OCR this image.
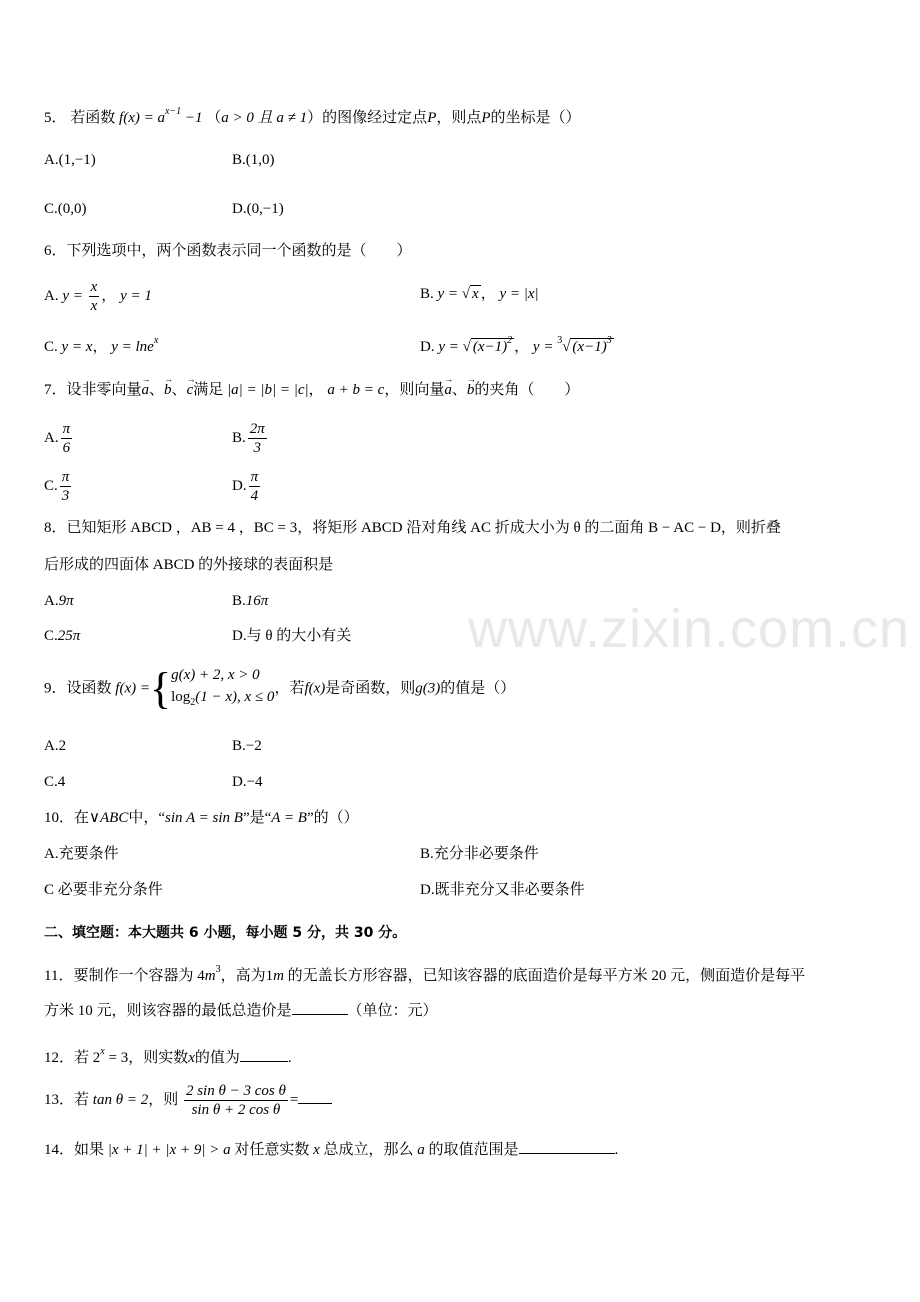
www.zixin.com.cn
5． 若函数 $f(x) = a^{x-1} -1$ （a > 0 且 a ≠ 1）的图像经过定点P，则点P的坐标是（）
A.(1,−1)	B.(1,0)
C.(0,0)	D.(0,−1)
6．下列选项中，两个函数表示同一个函数的是（　　）
A. $y = \frac{x}{x}$ ， y = 1	B. y = √ x ， y = |x|
C. y = x， y = lne$^x$	D. y = √ $(x-1)^2$ ， y = $^3$√ $(x-1)^3$
7．设非零向量→ a、→ b、→ c满足 |a| = |b| = |c|， a + b = c，则向量→ a、→ b的夹角（　　）
A. $\frac{\pi}{6}$	B. $\frac{2\pi}{3}$
C. $\frac{\pi}{3}$	D. $\frac{\pi}{4}$
8．已知矩形 ABCD ，AB = 4 ，BC = 3，将矩形 ABCD 沿对角线 AC 折成大小为 θ 的二面角 B − AC − D，则折叠
后形成的四面体 ABCD 的外接球的表面积是
A.9π	B.16π
C.25π	D.与 θ 的大小有关
9．设函数 f(x) ={ g(x) + 2, x > 0
$\log_2(1 - x)$, x ≤ 0
，若f(x)是奇函数，则g(3)的值是（）
A.2	B.−2
C.4	D.−4
10．在∨ABC中，“sin A = sin B”是“A = B”的（）
A.充要条件	B.充分非必要条件
C 必要非充分条件	D.既非充分又非必要条件
二、填空题：本大题共 6 小题，每小题 5 分，共 30 分。
11．要制作一个容器为 $4m^3$，高为1m 的无盖长方形容器，已知该容器的底面造价是每平方米 20 元，侧面造价是每平
方米 10 元，则该容器的最低总造价是	（单位：元）
12．若 $2^x = 3$，则实数x的值为	.
13．若 tan θ = 2，则 $\frac{\text{2 sin θ − 3 cos θ}}{\text{sin θ + 2 cos θ}}$ =
14．如果 |x + 1| + |x + 9| > a 对任意实数 x 总成立，那么 a 的取值范围是	.
